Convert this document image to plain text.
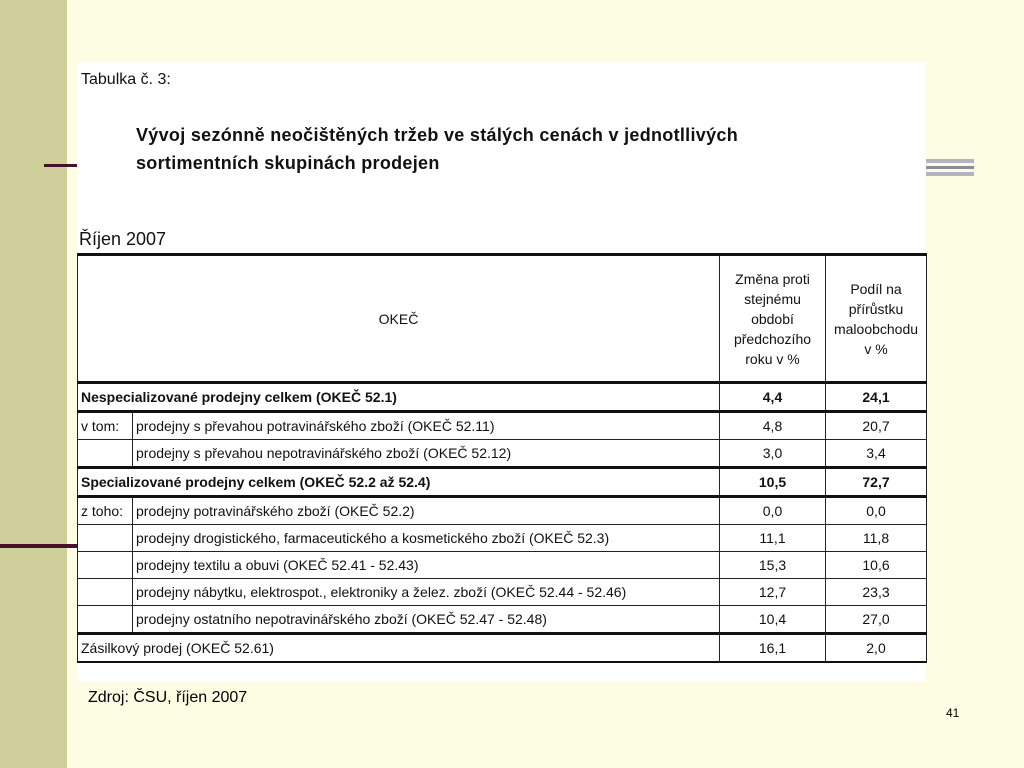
Tabulka č. 3:
Vývoj sezónně neočištěných tržeb ve stálých cenách v jednotllivých sortimentních skupinách prodejen
Říjen 2007
OKEČ		Změna proti stejnému období předchozího roku v %	Podíl na přírůstku maloobchodu v %
Nespecializované prodejny celkem (OKEČ 52.1)		4,4	24,1
v tom:	prodejny s převahou potravinářského zboží (OKEČ 52.11)	4,8	20,7
	prodejny s převahou nepotravinářského zboží (OKEČ 52.12)	3,0	3,4
Specializované prodejny celkem (OKEČ 52.2 až 52.4)		10,5	72,7
z toho:	prodejny potravinářského zboží (OKEČ 52.2)	0,0	0,0
	prodejny drogistického, farmaceutického a kosmetického zboží (OKEČ 52.3)	11,1	11,8
	prodejny textilu a obuvi (OKEČ 52.41 - 52.43)	15,3	10,6
	prodejny nábytku, elektrospot., elektroniky a želez. zboží (OKEČ 52.44 - 52.46)	12,7	23,3
	prodejny ostatního nepotravinářského zboží (OKEČ 52.47 - 52.48)	10,4	27,0
Zásilkový prodej (OKEČ 52.61)		16,1	2,0
Zdroj: ČSU, říjen 2007
41
